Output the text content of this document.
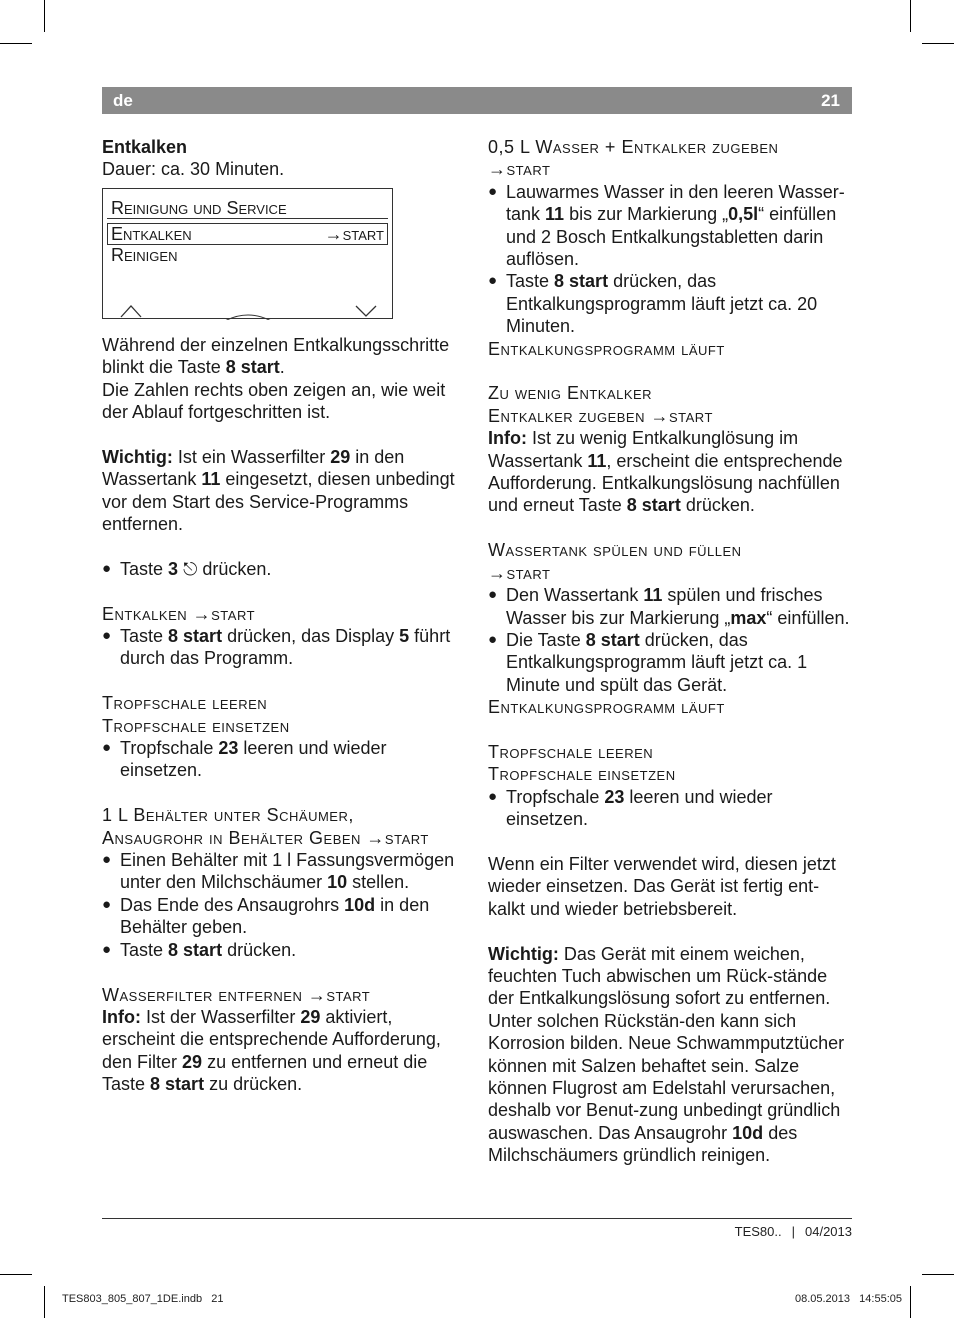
de	21

Entkalken

Dauer: ca. 30 Minuten.

Reinigung und Service
Entkalken	→start
Reinigen

Während der einzelnen Entkalkungsschritte blinkt die Taste 8 start.

Die Zahlen rechts oben zeigen an, wie weit der Ablauf fortgeschritten ist.

Wichtig: Ist ein Wasserfilter 29 in den Wassertank 11 eingesetzt, diesen unbedingt vor dem Start des Service-Programms entfernen.

● Taste 3 ⎋ drücken.

Entkalken →start

● Taste 8 start drücken, das Display 5 führt durch das Programm.

Tropfschale leeren

Tropfschale einsetzen

● Tropfschale 23 leeren und wieder einsetzen.

1 L Behälter unter Schäumer,

Ansaugrohr in Behälter Geben →start

● Einen Behälter mit 1 l Fassungsvermögen unter den Milchschäumer 10 stellen.

● Das Ende des Ansaugrohrs 10d in den Behälter geben.

● Taste 8 start drücken.

Wasserfilter entfernen →start

Info: Ist der Wasserfilter 29 aktiviert, erscheint die entsprechende Aufforderung, den Filter 29 zu entfernen und erneut die Taste 8 start zu drücken.

0,5 L Wasser + Entkalker zugeben

→start

● Lauwarmes Wasser in den leeren Wasser-tank 11 bis zur Markierung „0,5l“ einfüllen und 2 Bosch Entkalkungstabletten darin auflösen.

● Taste 8 start drücken, das Entkalkungsprogramm läuft jetzt ca. 20 Minuten.

Entkalkungsprogramm läuft

Zu wenig Entkalker

Entkalker zugeben →start

Info: Ist zu wenig Entkalkunglösung im Wassertank 11, erscheint die entsprechende Aufforderung. Entkalkungslösung nachfüllen und erneut Taste 8 start drücken.

Wassertank spülen und füllen

→start

● Den Wassertank 11 spülen und frisches Wasser bis zur Markierung „max“ einfüllen.

● Die Taste 8 start drücken, das Entkalkungsprogramm läuft jetzt ca. 1 Minute und spült das Gerät.

Entkalkungsprogramm läuft

Tropfschale leeren

Tropfschale einsetzen

● Tropfschale 23 leeren und wieder einsetzen.

Wenn ein Filter verwendet wird, diesen jetzt wieder einsetzen. Das Gerät ist fertig ent-kalkt und wieder betriebsbereit.

Wichtig: Das Gerät mit einem weichen, feuchten Tuch abwischen um Rück-stände der Entkalkungslösung sofort zu entfernen. Unter solchen Rückstän-den kann sich Korrosion bilden. Neue Schwammputztücher können mit Salzen behaftet sein. Salze können Flugrost am Edelstahl verursachen, deshalb vor Benut-zung unbedingt gründlich auswaschen. Das Ansaugrohr 10d des Milchschäumers gründlich reinigen.

TES80.. | 04/2013
TES803_805_807_1DE.indb   21	08.05.2013   14:55:05
